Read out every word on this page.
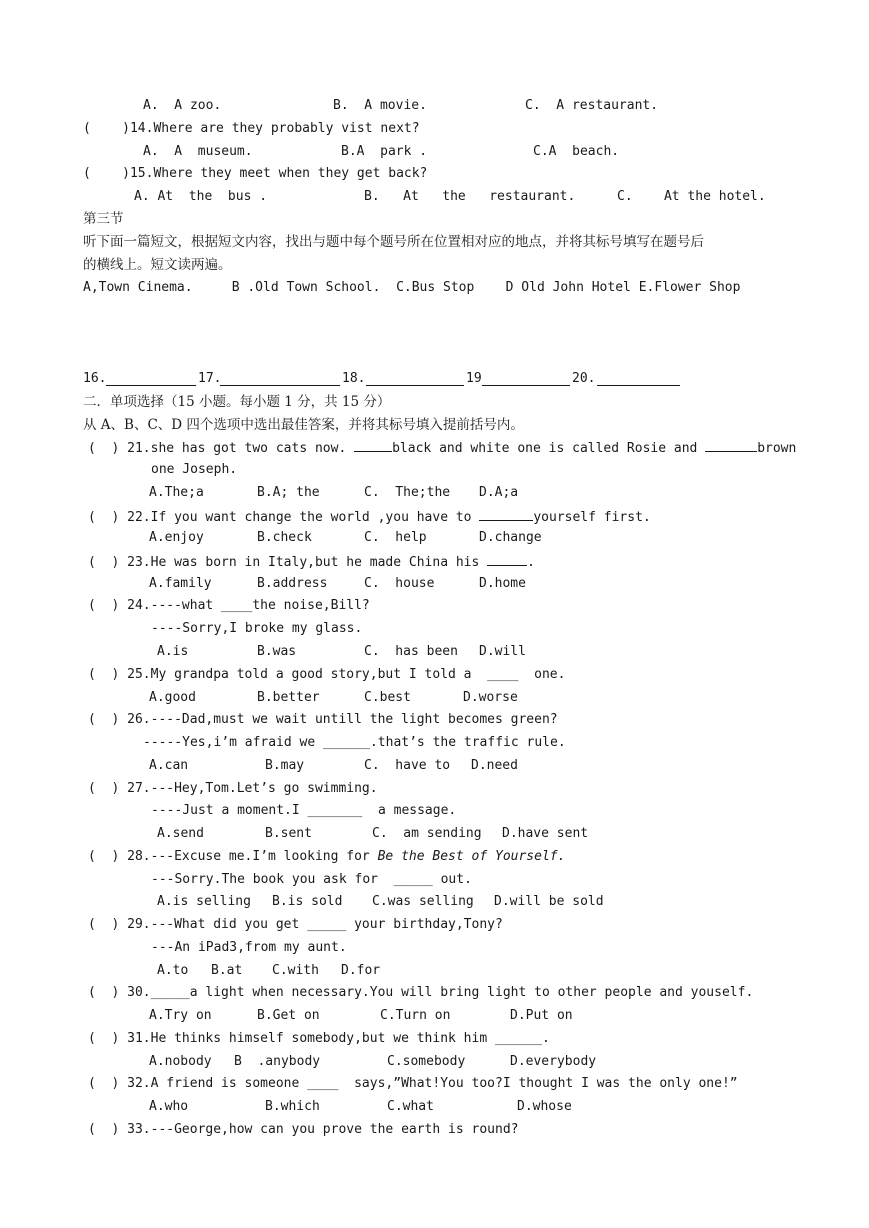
A.  A zoo.	B.  A movie.	C.  A restaurant.
(    )14.Where are they probably vist next?
A.  A  museum.	B.A  park .	C.A  beach.
(    )15.Where they meet when they get back?
A. At  the  bus .	B.   At   the   restaurant.	C.    At the hotel.
第三节
听下面一篇短文，根据短文内容，找出与题中每个题号所在位置相对应的地点，并将其标号填写在题号后
的横线上。短文读两遍。
A,Town Cinema.     B .Old Town School.  C.Bus Stop    D Old John Hotel E.Flower Shop
16.	17.	18.	19	20.
二．单项选择（15 小题。每小题 1 分，共 15 分）
从 A、B、C、D 四个选项中选出最佳答案，并将其标号填入提前括号内。
(  ) 21.she has got two cats now.	black and white one is called Rosie and	brown
one Joseph.
A.The;a	B.A; the	C.  The;the D.A;a
(  ) 22.If you want change the world ,you have to	yourself first.
A.enjoy	B.check	C.  help	D.change
(  ) 23.He was born in Italy,but he made China his	.
A.family	B.address	C.  house	D.home
(  ) 24.----what ____the noise,Bill?
----Sorry,I broke my glass.
A.is	B.was	C.  has been D.will
(  ) 25.My grandpa told a good story,but I told a  ____  one.
A.good	B.better	C.best	D.worse
(  ) 26.----Dad,must we wait untill the light becomes green?
-----Yes,i’m afraid we ______.that’s the traffic rule.
A.can	B.may	C.  have to D.need
(  ) 27.---Hey,Tom.Let’s go swimming.
----Just a moment.I _______  a message.
A.send	B.sent	C.  am sending D.have sent
(  ) 28.---Excuse me.I’m looking for Be the Best of Yourself.
---Sorry.The book you ask for  _____ out.
A.is selling B.is sold C.was selling D.will be sold
(  ) 29.---What did you get _____ your birthday,Tony?
---An iPad3,from my aunt.
A.to B.at C.with D.for
(  ) 30._____a light when necessary.You will bring light to other people and youself.
A.Try on	B.Get on	C.Turn on	D.Put on
(  ) 31.He thinks himself somebody,but we think him ______.
A.nobody B  .anybody	C.somebody	D.everybody
(  ) 32.A friend is someone ____  says,”What!You too?I thought I was the only one!”
A.who	B.which	C.what	D.whose
(  ) 33.---George,how can you prove the earth is round?
